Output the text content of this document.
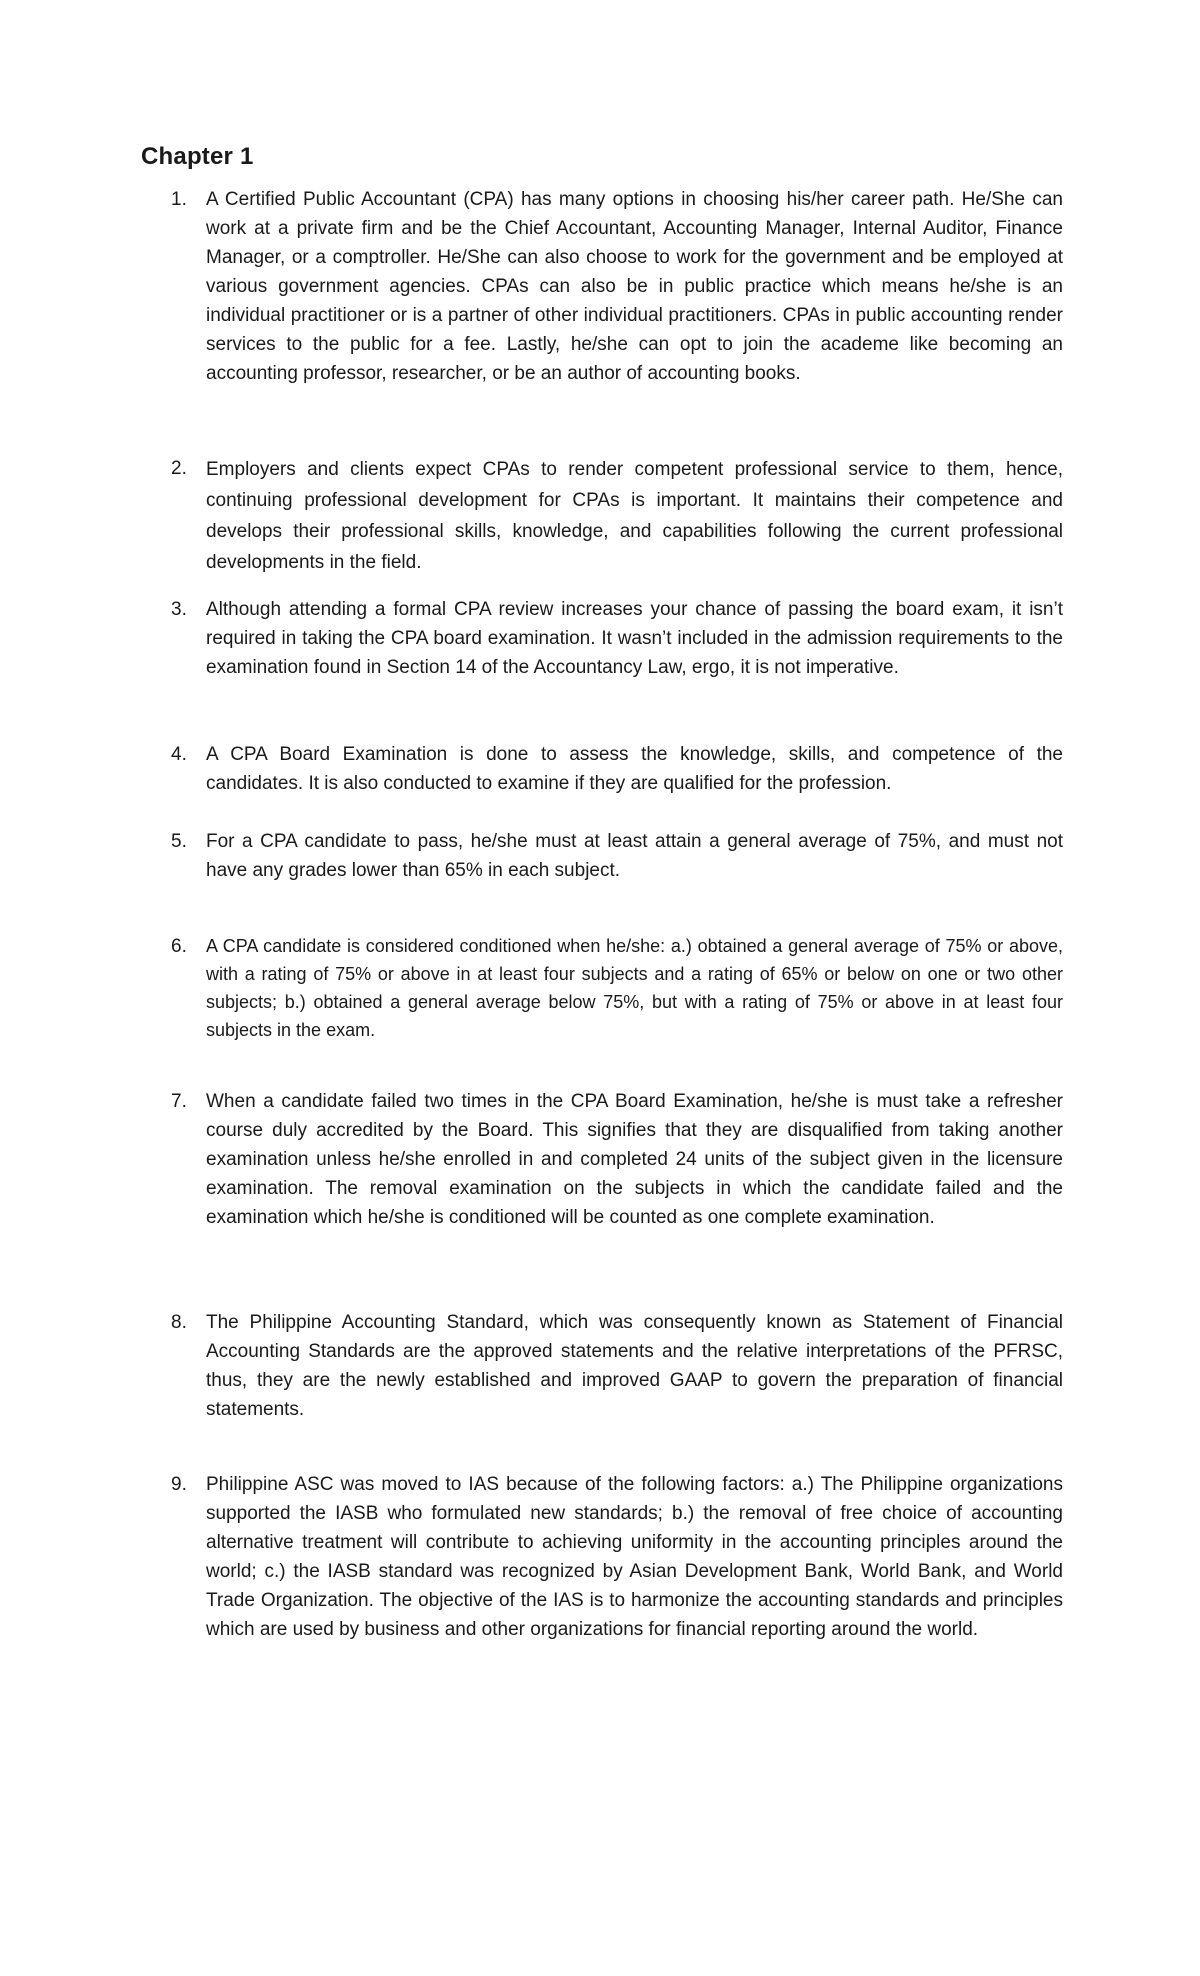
Chapter 1
1. A Certified Public Accountant (CPA) has many options in choosing his/her career path. He/She can work at a private firm and be the Chief Accountant, Accounting Manager, Internal Auditor, Finance Manager, or a comptroller. He/She can also choose to work for the government and be employed at various government agencies. CPAs can also be in public practice which means he/she is an individual practitioner or is a partner of other individual practitioners. CPAs in public accounting render services to the public for a fee. Lastly, he/she can opt to join the academe like becoming an accounting professor, researcher, or be an author of accounting books.

2. Employers and clients expect CPAs to render competent professional service to them, hence, continuing professional development for CPAs is important. It maintains their competence and develops their professional skills, knowledge, and capabilities following the current professional developments in the field.

3. Although attending a formal CPA review increases your chance of passing the board exam, it isn’t required in taking the CPA board examination. It wasn’t included in the admission requirements to the examination found in Section 14 of the Accountancy Law, ergo, it is not imperative.

4. A CPA Board Examination is done to assess the knowledge, skills, and competence of the candidates. It is also conducted to examine if they are qualified for the profession.

5. For a CPA candidate to pass, he/she must at least attain a general average of 75%, and must not have any grades lower than 65% in each subject.

6. A CPA candidate is considered conditioned when he/she: a.) obtained a general average of 75% or above, with a rating of 75% or above in at least four subjects and a rating of 65% or below on one or two other subjects; b.) obtained a general average below 75%, but with a rating of 75% or above in at least four subjects in the exam.

7. When a candidate failed two times in the CPA Board Examination, he/she is must take a refresher course duly accredited by the Board. This signifies that they are disqualified from taking another examination unless he/she enrolled in and completed 24 units of the subject given in the licensure examination. The removal examination on the subjects in which the candidate failed and the examination which he/she is conditioned will be counted as one complete examination.

8. The Philippine Accounting Standard, which was consequently known as Statement of Financial Accounting Standards are the approved statements and the relative interpretations of the PFRSC, thus, they are the newly established and improved GAAP to govern the preparation of financial statements.

9. Philippine ASC was moved to IAS because of the following factors: a.) The Philippine organizations supported the IASB who formulated new standards; b.) the removal of free choice of accounting alternative treatment will contribute to achieving uniformity in the accounting principles around the world; c.) the IASB standard was recognized by Asian Development Bank, World Bank, and World Trade Organization. The objective of the IAS is to harmonize the accounting standards and principles which are used by business and other organizations for financial reporting around the world.
